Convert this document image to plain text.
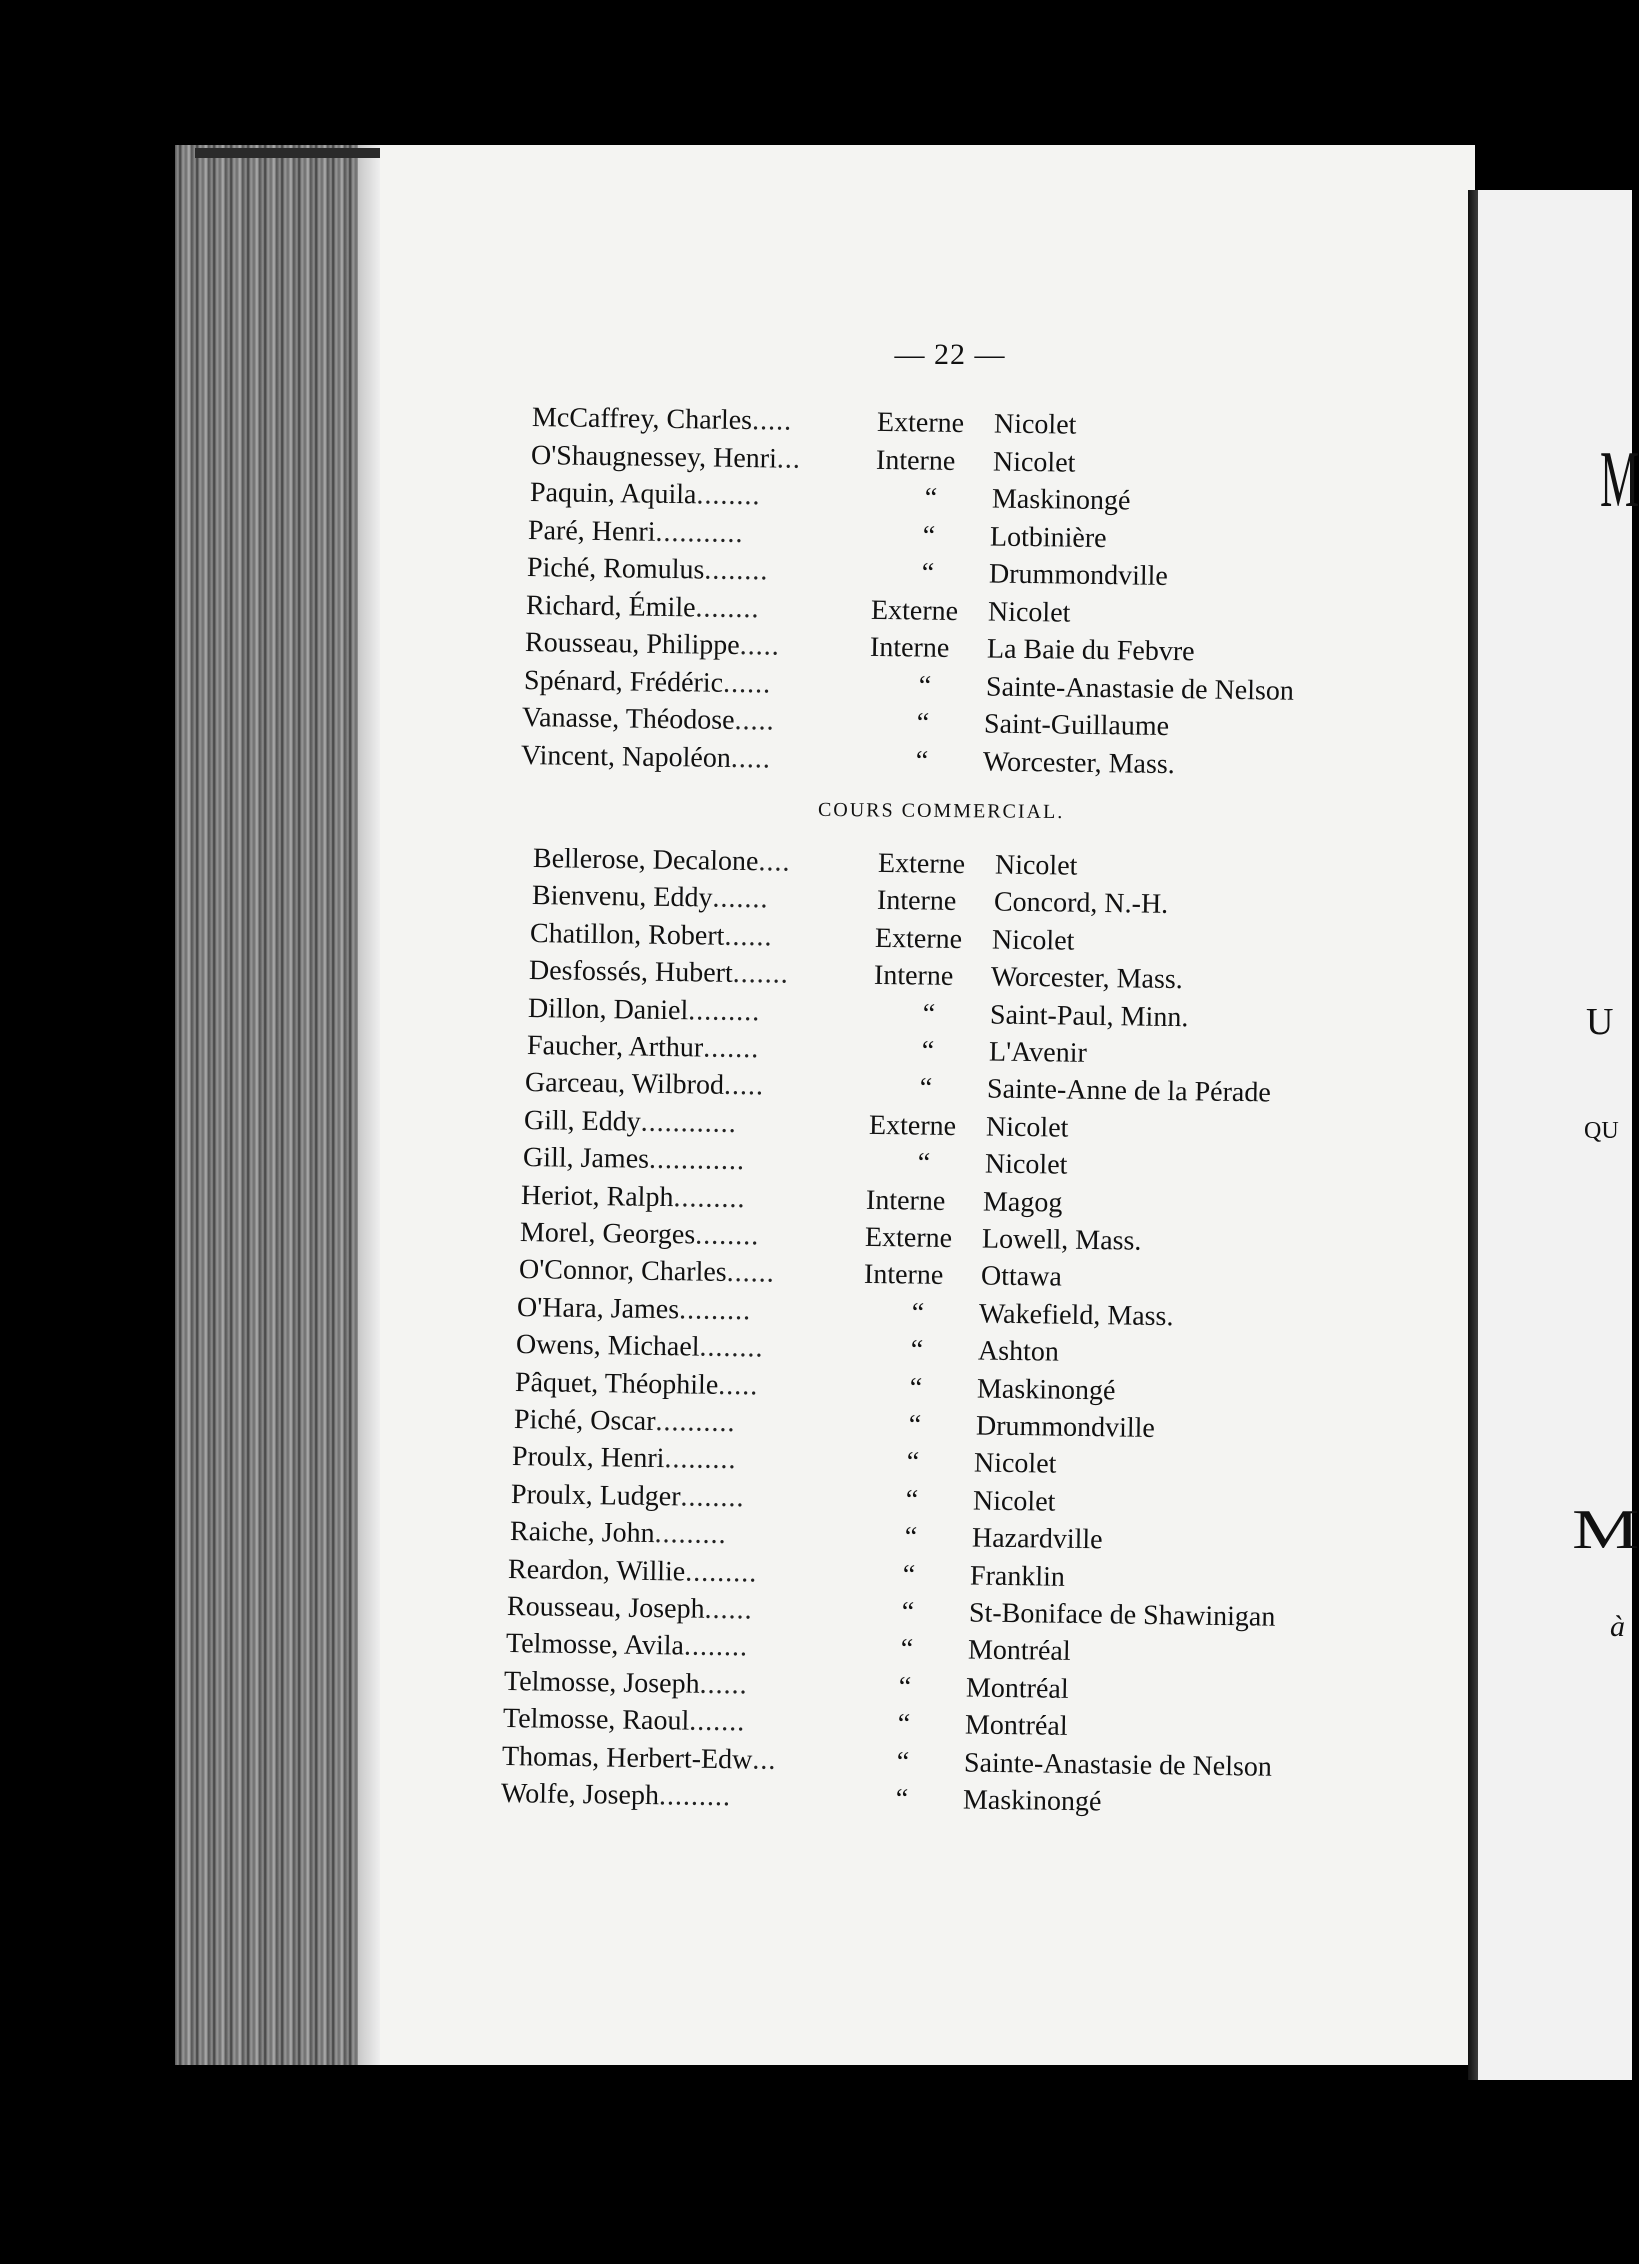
— 22 —
McCaffrey, Charles.....	Externe	Nicolet
O'Shaugnessey, Henri...	Interne	Nicolet
Paquin, Aquila........	“	Maskinongé
Paré, Henri...........	“	Lotbinière
Piché, Romulus........	“	Drummondville
Richard, Émile........	Externe	Nicolet
Rousseau, Philippe.....	Interne	La Baie du Febvre
Spénard, Frédéric......	“	Sainte-Anastasie de Nelson
Vanasse, Théodose.....	“	Saint-Guillaume
Vincent, Napoléon.....	“	Worcester, Mass.
COURS COMMERCIAL.
Bellerose, Decalone....	Externe	Nicolet
Bienvenu, Eddy.......	Interne	Concord, N.-H.
Chatillon, Robert......	Externe	Nicolet
Desfossés, Hubert.......	Interne	Worcester, Mass.
Dillon, Daniel.........	“	Saint-Paul, Minn.
Faucher, Arthur.......	“	L'Avenir
Garceau, Wilbrod.....	“	Sainte-Anne de la Pérade
Gill, Eddy............	Externe	Nicolet
Gill, James............	“	Nicolet
Heriot, Ralph.........	Interne	Magog
Morel, Georges........	Externe	Lowell, Mass.
O'Connor, Charles......	Interne	Ottawa
O'Hara, James.........	“	Wakefield, Mass.
Owens, Michael........	“	Ashton
Pâquet, Théophile.....	“	Maskinongé
Piché, Oscar..........	“	Drummondville
Proulx, Henri.........	“	Nicolet
Proulx, Ludger........	“	Nicolet
Raiche, John.........	“	Hazardville
Reardon, Willie.........	“	Franklin
Rousseau, Joseph......	“	St-Boniface de Shawinigan
Telmosse, Avila........	“	Montréal
Telmosse, Joseph......	“	Montréal
Telmosse, Raoul.......	“	Montréal
Thomas, Herbert-Edw...	“	Sainte-Anastasie de Nelson
Wolfe, Joseph.........	“	Maskinongé
M
U
QU
M
à
